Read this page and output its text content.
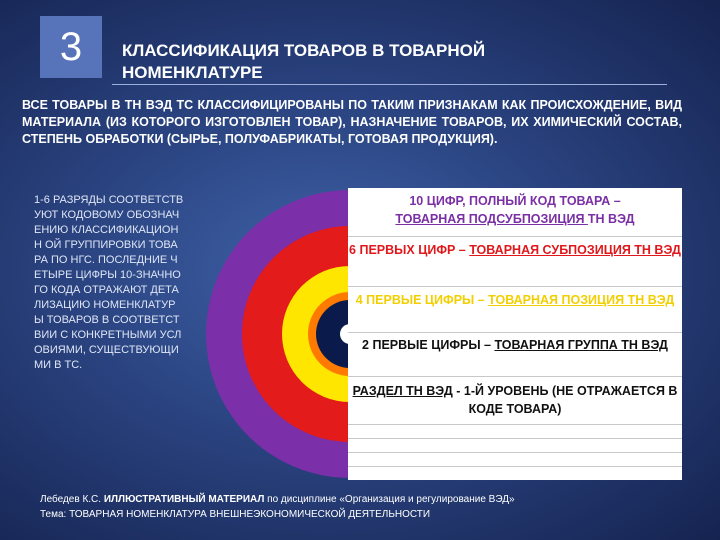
3	КЛАССИФИКАЦИЯ ТОВАРОВ В ТОВАРНОЙ
НОМЕНКЛАТУРЕ
ВСЕ ТОВАРЫ В ТН ВЭД ТС КЛАССИФИЦИРОВАНЫ ПО ТАКИМ ПРИЗНАКАМ КАК ПРОИСХОЖДЕНИЕ, ВИД МАТЕРИАЛА (ИЗ КОТОРОГО ИЗГОТОВЛЕН ТОВАР), НАЗНАЧЕНИЕ ТОВАРОВ, ИХ ХИМИЧЕСКИЙ СОСТАВ, СТЕПЕНЬ ОБРАБОТКИ (СЫРЬЕ, ПОЛУФАБРИКАТЫ, ГОТОВАЯ ПРОДУКЦИЯ).
1-6 РАЗРЯДЫ СООТВЕТСТВУЮТ КОДОВОМУ ОБОЗНАЧЕНИЮ КЛАССИФИКАЦИОНН ОЙ ГРУППИРОВКИ ТОВАРА ПО НГС. ПОСЛЕДНИЕ ЧЕТЫРЕ ЦИФРЫ 10-ЗНАЧНОГО КОДА ОТРАЖАЮТ ДЕТАЛИЗАЦИЮ НОМЕНКЛАТУРЫ ТОВАРОВ В СООТВЕТСТВИИ С КОНКРЕТНЫМИ УСЛОВИЯМИ, СУЩЕСТВУЮЩИМИ В ТС.
10 ЦИФР, ПОЛНЫЙ КОД ТОВАРА –
ТОВАРНАЯ ПОДСУБПОЗИЦИЯ ТН ВЭД
6 ПЕРВЫХ ЦИФР – ТОВАРНАЯ СУБПОЗИЦИЯ ТН ВЭД
4 ПЕРВЫЕ ЦИФРЫ – ТОВАРНАЯ ПОЗИЦИЯ ТН ВЭД
2 ПЕРВЫЕ ЦИФРЫ – ТОВАРНАЯ ГРУППА ТН ВЭД
РАЗДЕЛ ТН ВЭД - 1-Й УРОВЕНЬ (НЕ ОТРАЖАЕТСЯ В КОДЕ ТОВАРА)
Лебедев К.С. ИЛЛЮСТРАТИВНЫЙ МАТЕРИАЛ по дисциплине «Организация и регулирование ВЭД»
Тема: ТОВАРНАЯ НОМЕНКЛАТУРА ВНЕШНЕЭКОНОМИЧЕСКОЙ ДЕЯТЕЛЬНОСТИ
